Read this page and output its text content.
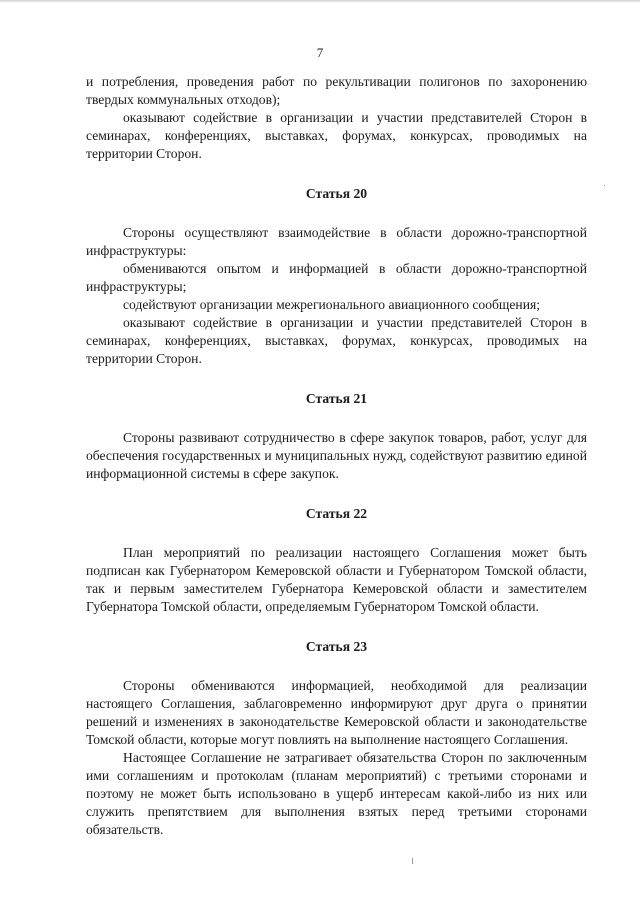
7

и потребления, проведения работ по рекультивации полигонов по захоронению твердых коммунальных отходов);

оказывают содействие в организации и участии представителей Сторон в семинарах, конференциях, выставках, форумах, конкурсах, проводимых на территории Сторон.

Статья 20

Стороны осуществляют взаимодействие в области дорожно-транспортной инфраструктуры:

обмениваются опытом и информацией в области дорожно-транспортной инфраструктуры;

содействуют организации межрегионального авиационного сообщения;

оказывают содействие в организации и участии представителей Сторон в семинарах, конференциях, выставках, форумах, конкурсах, проводимых на территории Сторон.

Статья 21

Стороны развивают сотрудничество в сфере закупок товаров, работ, услуг для обеспечения государственных и муниципальных нужд, содействуют развитию единой информационной системы в сфере закупок.

Статья 22

План мероприятий по реализации настоящего Соглашения может быть подписан как Губернатором Кемеровской области и Губернатором Томской области, так и первым заместителем Губернатора Кемеровской области и заместителем Губернатора Томской области, определяемым Губернатором Томской области.

Статья 23

Стороны обмениваются информацией, необходимой для реализации настоящего Соглашения, заблаговременно информируют друг друга о принятии решений и изменениях в законодательстве Кемеровской области и законодательстве Томской области, которые могут повлиять на выполнение настоящего Соглашения.

Настоящее Соглашение не затрагивает обязательства Сторон по заключенным ими соглашениям и протоколам (планам мероприятий) с третьими сторонами и поэтому не может быть использовано в ущерб интересам какой-либо из них или служить препятствием для выполнения взятых перед третьими сторонами обязательств.
